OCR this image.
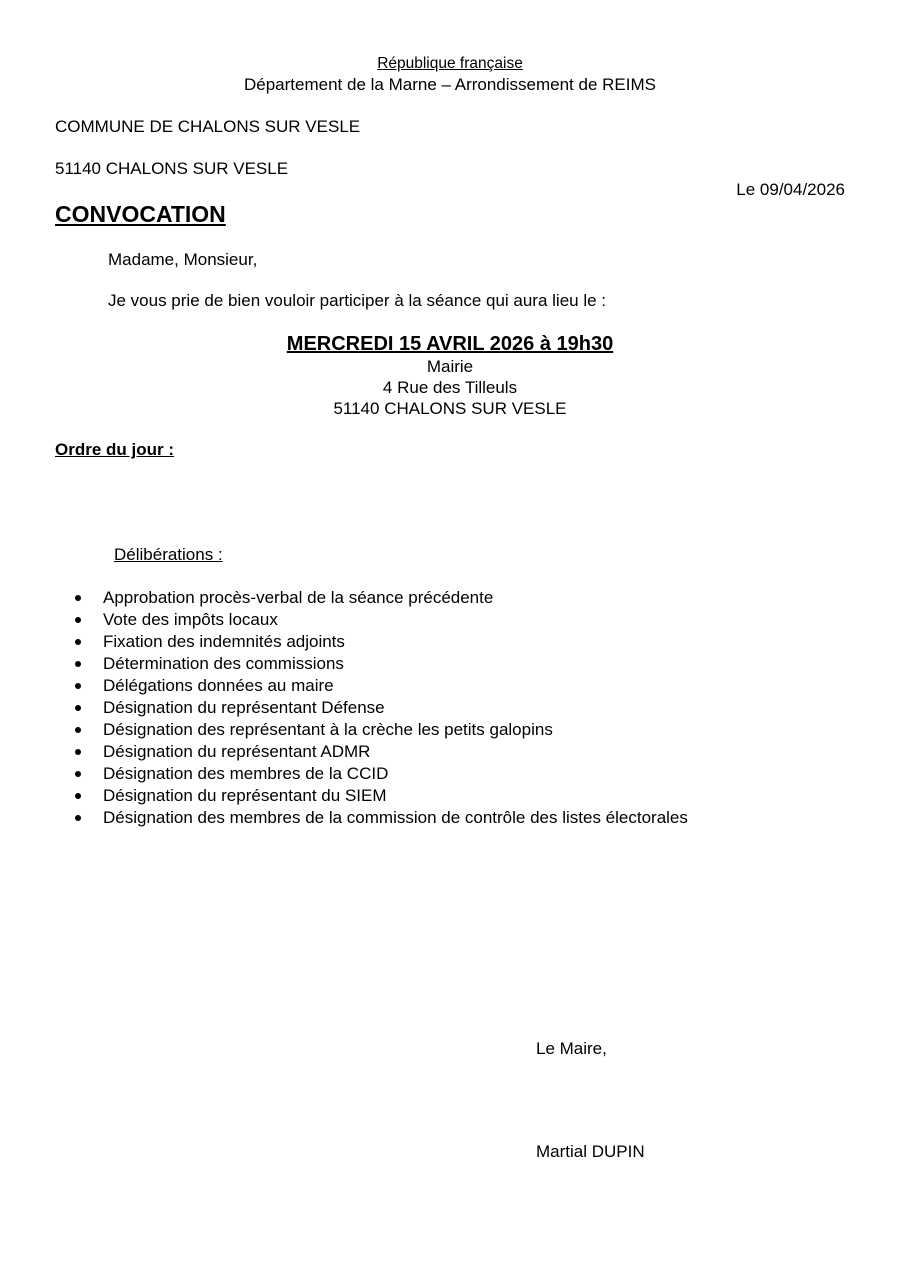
République française
Département de la Marne – Arrondissement de REIMS
COMMUNE DE CHALONS SUR VESLE
51140 CHALONS SUR VESLE
Le 09/04/2026
CONVOCATION
Madame, Monsieur,
Je vous prie de bien vouloir participer à la séance qui aura lieu le :
MERCREDI 15 AVRIL 2026 à 19h30
Mairie
4 Rue des Tilleuls
51140 CHALONS SUR VESLE
Ordre du jour :
Délibérations :
Approbation procès-verbal de la séance précédente
Vote des impôts locaux
Fixation des indemnités adjoints
Détermination des commissions
Délégations données au maire
Désignation du représentant Défense
Désignation des représentant à la crèche les petits galopins
Désignation du représentant ADMR
Désignation des membres de la CCID
Désignation du représentant du SIEM
Désignation des membres de la commission de contrôle des listes électorales
Le Maire,
Martial DUPIN
